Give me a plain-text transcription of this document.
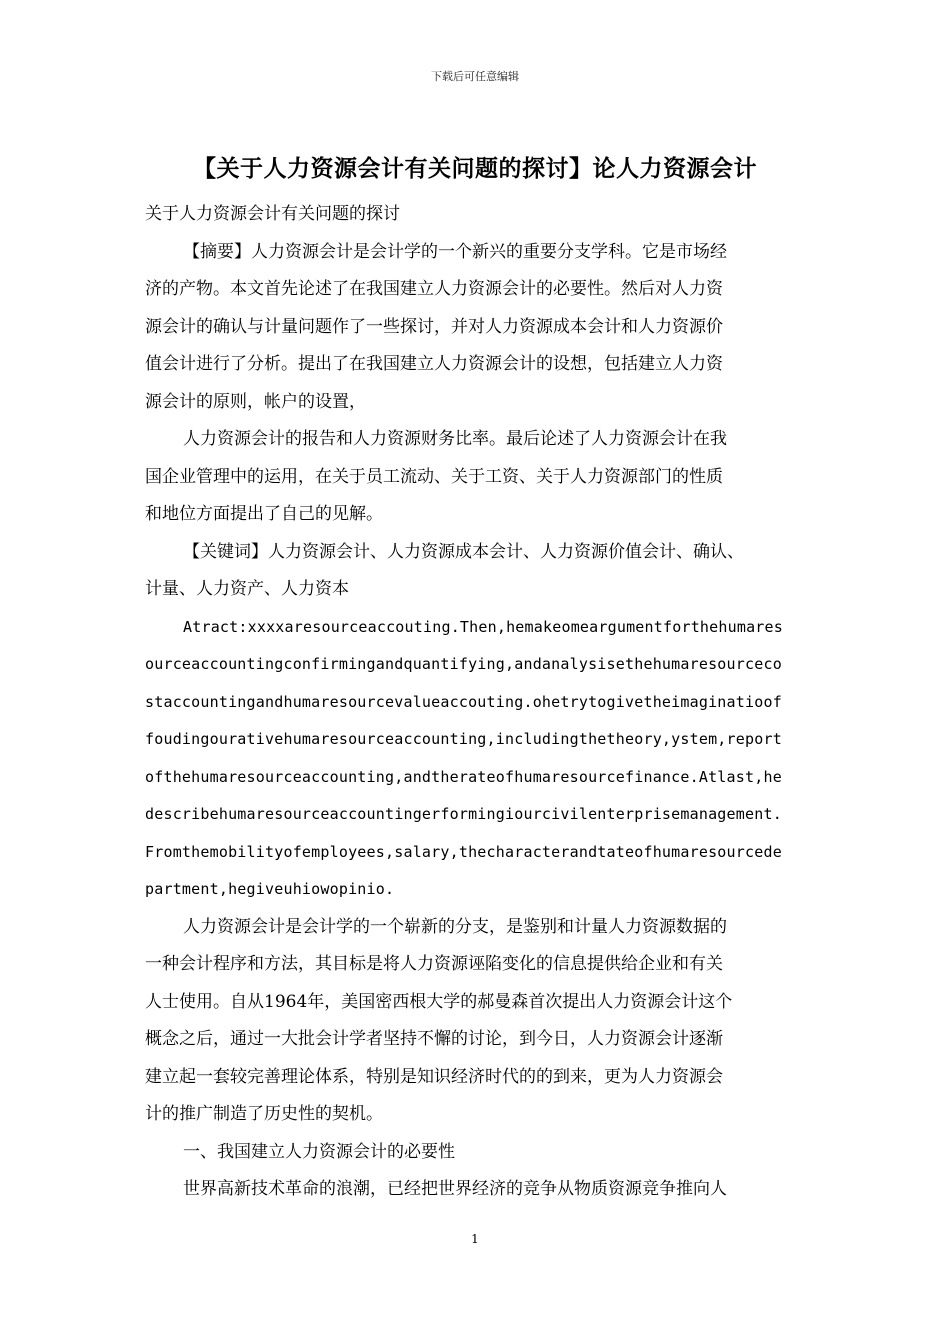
下载后可任意编辑
【关于人力资源会计有关问题的探讨】论人力资源会计
关于人力资源会计有关问题的探讨
【摘要】人力资源会计是会计学的一个新兴的重要分支学科。它是市场经
济的产物。本文首先论述了在我国建立人力资源会计的必要性。然后对人力资
源会计的确认与计量问题作了一些探讨，并对人力资源成本会计和人力资源价
值会计进行了分析。提出了在我国建立人力资源会计的设想，包括建立人力资
源会计的原则，帐户的设置，
人力资源会计的报告和人力资源财务比率。最后论述了人力资源会计在我
国企业管理中的运用，在关于员工流动、关于工资、关于人力资源部门的性质
和地位方面提出了自己的见解。
【关键词】人力资源会计、人力资源成本会计、人力资源价值会计、确认、
计量、人力资产、人力资本
Atract:xxxxaresourceaccouting.Then,hemakeomeargumentforthehumares
ourceaccountingconfirmingandquantifying,andanalysisethehumaresourceco
staccountingandhumaresourcevalueaccouting.ohetrytogivetheimaginatioof
foudingourativehumaresourceaccounting,includingthetheory,ystem,report
ofthehumaresourceaccounting,andtherateofhumaresourcefinance.Atlast,he
describehumaresourceaccountingerformingiourcivilenterprisemanagement.
Fromthemobilityofemployees,salary,thecharacterandtateofhumaresourcede
partment,hegiveuhiowopinio.
人力资源会计是会计学的一个崭新的分支，是鉴别和计量人力资源数据的
一种会计程序和方法，其目标是将人力资源诬陷变化的信息提供给企业和有关
人士使用。自从1964年，美国密西根大学的郝曼森首次提出人力资源会计这个
概念之后，通过一大批会计学者坚持不懈的讨论，到今日，人力资源会计逐渐
建立起一套较完善理论体系，特别是知识经济时代的的到来，更为人力资源会
计的推广制造了历史性的契机。
一、我国建立人力资源会计的必要性
世界高新技术革命的浪潮，已经把世界经济的竞争从物质资源竞争推向人
1
